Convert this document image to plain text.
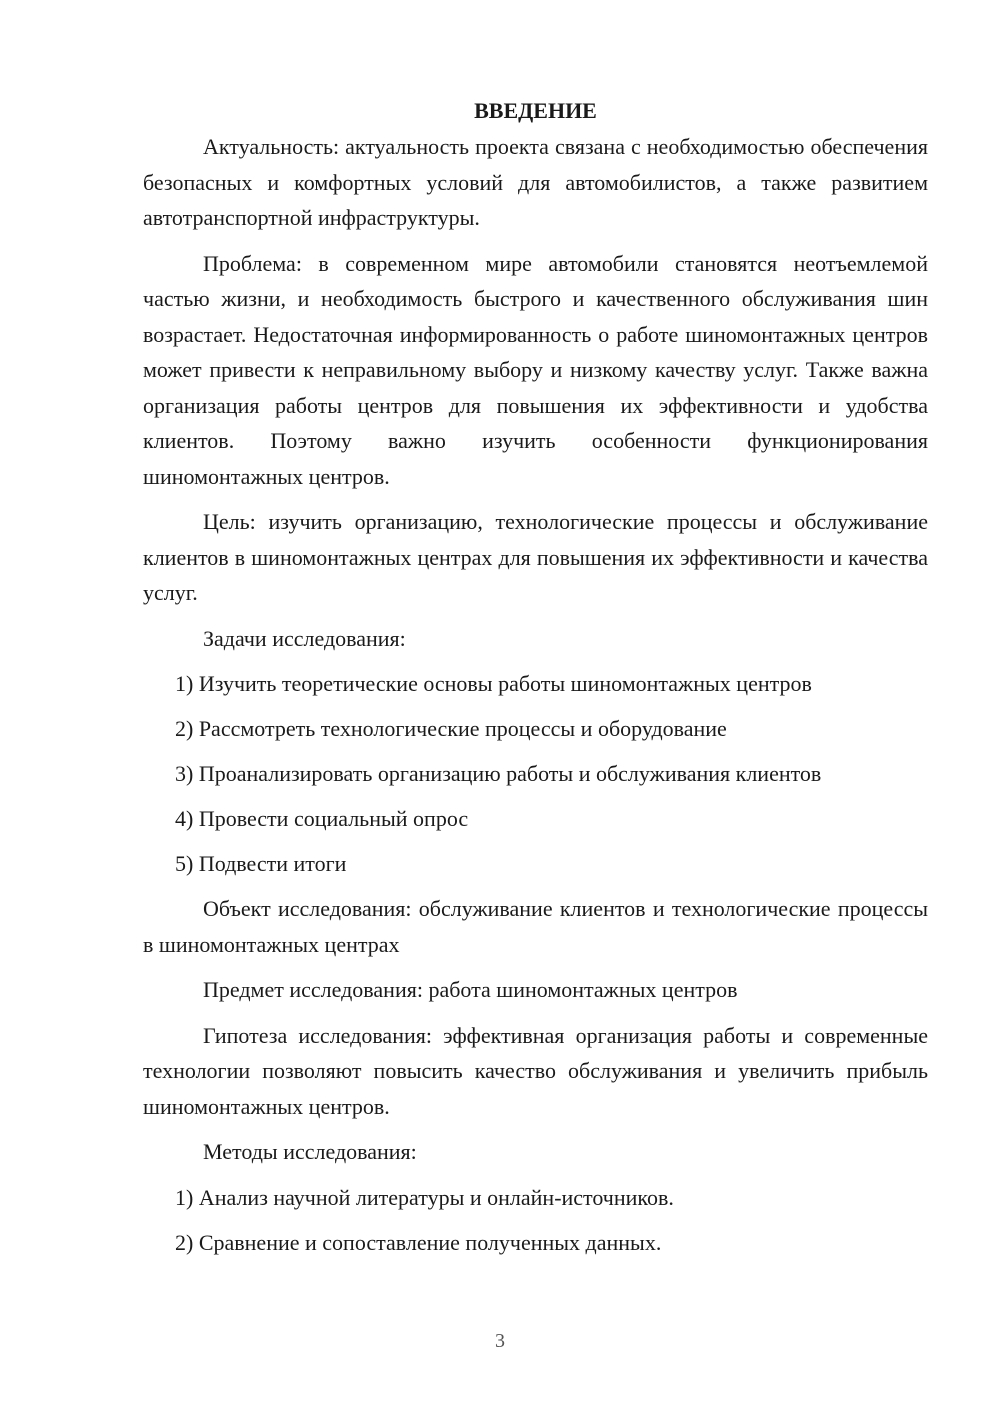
ВВЕДЕНИЕ

Актуальность: актуальность проекта связана с необходимостью обеспечения безопасных и комфортных условий для автомобилистов, а также развитием автотранспортной инфраструктуры.

Проблема: в современном мире автомобили становятся неотъемлемой частью жизни, и необходимость быстрого и качественного обслуживания шин возрастает. Недостаточная информированность о работе шиномонтажных центров может привести к неправильному выбору и низкому качеству услуг. Также важна организация работы центров для повышения их эффективности и удобства клиентов. Поэтому важно изучить особенности функционирования шиномонтажных центров.

Цель: изучить организацию, технологические процессы и обслуживание клиентов в шиномонтажных центрах для повышения их эффективности и качества услуг.

Задачи исследования:

1) Изучить теоретические основы работы шиномонтажных центров
2) Рассмотреть технологические процессы и оборудование
3) Проанализировать организацию работы и обслуживания клиентов
4) Провести социальный опрос
5) Подвести итоги

Объект исследования: обслуживание клиентов и технологические процессы в шиномонтажных центрах

Предмет исследования: работа шиномонтажных центров

Гипотеза исследования: эффективная организация работы и современные технологии позволяют повысить качество обслуживания и увеличить прибыль шиномонтажных центров.

Методы исследования:

1) Анализ научной литературы и онлайн-источников.
2) Сравнение и сопоставление полученных данных.
3
